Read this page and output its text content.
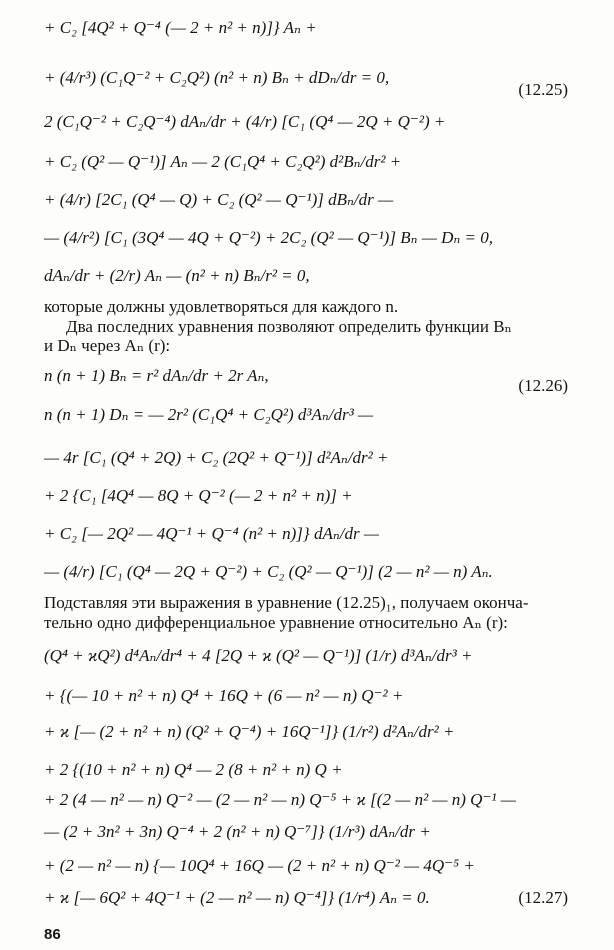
+ C₂ [4Q² + Q⁻⁴ (— 2 + n² + n)]} Aₙ +
+ (4/r³) (C₁Q⁻² + C₂Q²) (n² + n) Bₙ + dDₙ/dr = 0,
(12.25)
2 (C₁Q⁻² + C₂Q⁻⁴) dAₙ/dr + (4/r) [C₁ (Q⁴ — 2Q + Q⁻²) +
+ C₂ (Q² — Q⁻¹)] Aₙ — 2 (C₁Q⁴ + C₂Q²) d²Bₙ/dr² +
+ (4/r) [2C₁ (Q⁴ — Q) + C₂ (Q² — Q⁻¹)] dBₙ/dr —
— (4/r²) [C₁ (3Q⁴ — 4Q + Q⁻²) + 2C₂ (Q² — Q⁻¹)] Bₙ — Dₙ = 0,
dAₙ/dr + (2/r) Aₙ — (n² + n) Bₙ/r² = 0,
которые должны удовлетворяться для каждого n.
Два последних уравнения позволяют определить функции Bₙ
и Dₙ через Aₙ (r):
n (n + 1) Bₙ = r² dAₙ/dr + 2r Aₙ,
(12.26)
n (n + 1) Dₙ = — 2r² (C₁Q⁴ + C₂Q²) d³Aₙ/dr³ —
— 4r [C₁ (Q⁴ + 2Q) + C₂ (2Q² + Q⁻¹)] d²Aₙ/dr² +
+ 2 {C₁ [4Q⁴ — 8Q + Q⁻² (— 2 + n² + n)] +
+ C₂ [— 2Q² — 4Q⁻¹ + Q⁻⁴ (n² + n)]} dAₙ/dr —
— (4/r) [C₁ (Q⁴ — 2Q + Q⁻²) + C₂ (Q² — Q⁻¹)] (2 — n² — n) Aₙ.
Подставляя эти выражения в уравнение (12.25)₁, получаем оконча-
тельно одно дифференциальное уравнение относительно Aₙ (r):
(Q⁴ + ϰQ²) d⁴Aₙ/dr⁴ + 4 [2Q + ϰ (Q² — Q⁻¹)] (1/r) d³Aₙ/dr³ +
+ {(— 10 + n² + n) Q⁴ + 16Q + (6 — n² — n) Q⁻² +
+ ϰ [— (2 + n² + n) (Q² + Q⁻⁴) + 16Q⁻¹]} (1/r²) d²Aₙ/dr² +
+ 2 {(10 + n² + n) Q⁴ — 2 (8 + n² + n) Q +
+ 2 (4 — n² — n) Q⁻² — (2 — n² — n) Q⁻⁵ + ϰ [(2 — n² — n) Q⁻¹ —
— (2 + 3n² + 3n) Q⁻⁴ + 2 (n² + n) Q⁻⁷]} (1/r³) dAₙ/dr +
+ (2 — n² — n) {— 10Q⁴ + 16Q — (2 + n² + n) Q⁻² — 4Q⁻⁵ +
+ ϰ [— 6Q² + 4Q⁻¹ + (2 — n² — n) Q⁻⁴]} (1/r⁴) Aₙ = 0.	(12.27)
86
